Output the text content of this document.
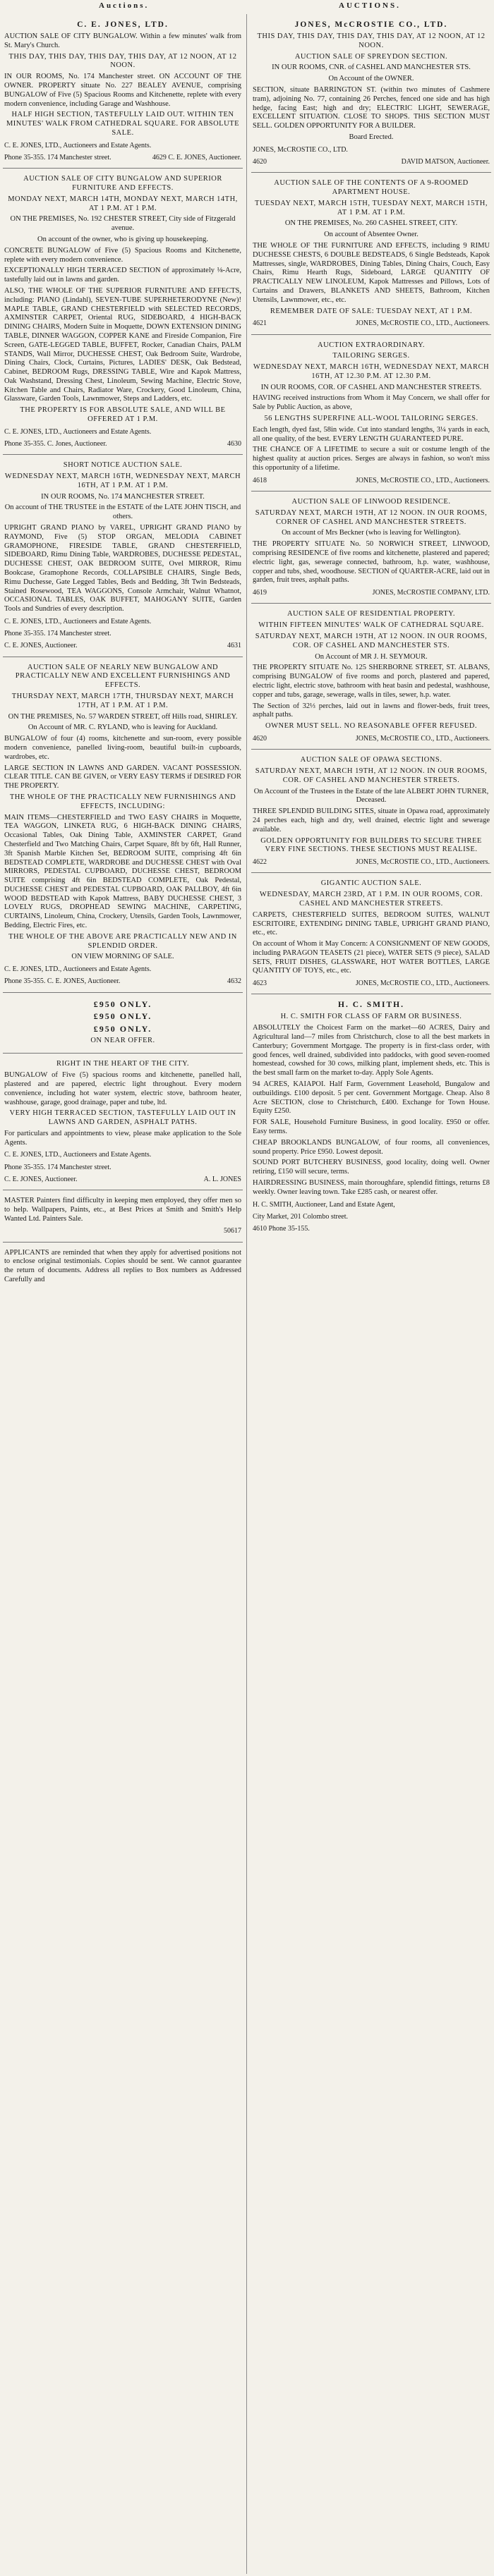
Auctions.	AUCTIONS.
C. E. JONES, LTD.

AUCTION SALE OF CITY BUNGALOW. Within a few minutes' walk from St. Mary's Church.

THIS DAY, THIS DAY, THIS DAY, THIS DAY, AT 12 NOON, AT 12 NOON.

IN OUR ROOMS, No. 174 Manchester street. ON ACCOUNT OF THE OWNER. PROPERTY situate No. 227 BEALEY AVENUE, comprising BUNGALOW of Five (5) Spacious Rooms and Kitchenette, replete with every modern convenience, including Garage and Washhouse.

HALF HIGH SECTION, TASTEFULLY LAID OUT. WITHIN TEN MINUTES' WALK FROM CATHEDRAL SQUARE. FOR ABSOLUTE SALE.

C. E. JONES, LTD., Auctioneers and Estate Agents.
Phone 35-355. 174 Manchester street.	4629 C. E. JONES, Auctioneer.

AUCTION SALE OF CITY BUNGALOW AND SUPERIOR FURNITURE AND EFFECTS.

MONDAY NEXT, MARCH 14TH, MONDAY NEXT, MARCH 14TH, AT 1 P.M. AT 1 P.M.

ON THE PREMISES, No. 192 CHESTER STREET, City side of Fitzgerald avenue.

On account of the owner, who is giving up housekeeping.

CONCRETE BUNGALOW of Five (5) Spacious Rooms and Kitchenette, replete with every modern convenience.

EXCEPTIONALLY HIGH TERRACED SECTION of approximately ⅛-Acre, tastefully laid out in lawns and garden.

ALSO, THE WHOLE OF THE SUPERIOR FURNITURE AND EFFECTS, including: PIANO (Lindahl), SEVEN-TUBE SUPERHETERODYNE (New)! MAPLE TABLE, GRAND CHESTERFIELD with SELECTED RECORDS, AXMINSTER CARPET, Oriental RUG, SIDEBOARD, 4 HIGH-BACK DINING CHAIRS, Modern Suite in Moquette, DOWN EXTENSION DINING TABLE, DINNER WAGGON, COPPER KANE and Fireside Companion, Fire Screen, GATE-LEGGED TABLE, BUFFET, Rocker, Canadian Chairs, PALM STANDS, Wall Mirror, DUCHESSE CHEST, Oak Bedroom Suite, Wardrobe, Dining Chairs, Clock, Curtains, Pictures, LADIES' DESK, Oak Bedstead, Cabinet, BEDROOM Rugs, DRESSING TABLE, Wire and Kapok Mattress, Oak Washstand, Dressing Chest, Linoleum, Sewing Machine, Electric Stove, Kitchen Table and Chairs, Radiator Ware, Crockery, Good Linoleum, China, Glassware, Garden Tools, Lawnmower, Steps and Ladders, etc.

THE PROPERTY IS FOR ABSOLUTE SALE, AND WILL BE OFFERED AT 1 P.M.

C. E. JONES, LTD., Auctioneers and Estate Agents.
Phone 35-355. C. Jones, Auctioneer.	4630

SHORT NOTICE AUCTION SALE.

WEDNESDAY NEXT, MARCH 16TH, WEDNESDAY NEXT, MARCH 16TH, AT 1 P.M. AT 1 P.M.

IN OUR ROOMS, No. 174 MANCHESTER STREET.

On account of THE TRUSTEE in the ESTATE of the LATE JOHN TISCH, and others.

UPRIGHT GRAND PIANO by VAREL, UPRIGHT GRAND PIANO by RAYMOND, Five (5) STOP ORGAN, MELODIA CABINET GRAMOPHONE, FIRESIDE TABLE, GRAND CHESTERFIELD, SIDEBOARD, Rimu Dining Table, WARDROBES, DUCHESSE PEDESTAL, DUCHESSE CHEST, OAK BEDROOM SUITE, Ovel MIRROR, Rimu Bookcase, Gramophone Records, COLLAPSIBLE CHAIRS, Single Beds, Rimu Duchesse, Gate Legged Tables, Beds and Bedding, 3ft Twin Bedsteads, Stained Rosewood, TEA WAGGONS, Console Armchair, Walnut Whatnot, OCCASIONAL TABLES, OAK BUFFET, MAHOGANY SUITE, Garden Tools and Sundries of every description.

C. E. JONES, LTD., Auctioneers and Estate Agents.
Phone 35-355. 174 Manchester street.
C. E. JONES, Auctioneer.	4631

AUCTION SALE OF NEARLY NEW BUNGALOW AND PRACTICALLY NEW AND EXCELLENT FURNISHINGS AND EFFECTS.

THURSDAY NEXT, MARCH 17TH, THURSDAY NEXT, MARCH 17TH, AT 1 P.M. AT 1 P.M.

ON THE PREMISES, No. 57 WARDEN STREET, off Hills road, SHIRLEY.

On Account of MR. C. RYLAND, who is leaving for Auckland.

BUNGALOW of four (4) rooms, kitchenette and sun-room, every possible modern convenience, panelled living-room, beautiful built-in cupboards, wardrobes, etc.

LARGE SECTION IN LAWNS AND GARDEN. VACANT POSSESSION. CLEAR TITLE. CAN BE GIVEN, or VERY EASY TERMS if DESIRED FOR THE PROPERTY.

THE WHOLE OF THE PRACTICALLY NEW FURNISHINGS AND EFFECTS, INCLUDING:

MAIN ITEMS—CHESTERFIELD and TWO EASY CHAIRS in Moquette, TEA WAGGON, LINKETA RUG, 6 HIGH-BACK DINING CHAIRS, Occasional Tables, Oak Dining Table, AXMINSTER CARPET, Grand Chesterfield and Two Matching Chairs, Carpet Square, 8ft by 6ft, Hall Runner, 3ft Spanish Marble Kitchen Set, BEDROOM SUITE, comprising 4ft 6in BEDSTEAD COMPLETE, WARDROBE and DUCHESSE CHEST with Oval MIRRORS, PEDESTAL CUPBOARD, DUCHESSE CHEST, BEDROOM SUITE comprising 4ft 6in BEDSTEAD COMPLETE, Oak Pedestal, DUCHESSE CHEST and PEDESTAL CUPBOARD, OAK PALLBOY, 4ft 6in WOOD BEDSTEAD with Kapok Mattress, BABY DUCHESSE CHEST, 3 LOVELY RUGS, DROPHEAD SEWING MACHINE, CARPETING, CURTAINS, Linoleum, China, Crockery, Utensils, Garden Tools, Lawnmower, Bedding, Electric Fires, etc.

THE WHOLE OF THE ABOVE ARE PRACTICALLY NEW AND IN SPLENDID ORDER.

ON VIEW MORNING OF SALE.

C. E. JONES, LTD., Auctioneers and Estate Agents.
Phone 35-355. C. E. JONES, Auctioneer.	4632

£950 ONLY.

£950 ONLY.

£950 ONLY.

ON NEAR OFFER.

RIGHT IN THE HEART OF THE CITY.

BUNGALOW of Five (5) spacious rooms and kitchenette, panelled hall, plastered and are papered, electric light throughout. Every modern convenience, including hot water system, electric stove, bathroom heater, washhouse, garage, good drainage, paper and tube, ltd.

VERY HIGH TERRACED SECTION, TASTEFULLY LAID OUT IN LAWNS AND GARDEN, ASPHALT PATHS.

For particulars and appointments to view, please make application to the Sole Agents.

C. E. JONES, LTD., Auctioneers and Estate Agents.
Phone 35-355. 174 Manchester street.
C. E. JONES, Auctioneer.	A. L. JONES

MASTER Painters find difficulty in keeping men employed, they offer men so to help. Wallpapers, Paints, etc., at Best Prices at Smith and Smith's Help Wanted Ltd. Painters Sale.

50617

APPLICANTS are reminded that when they apply for advertised positions not to enclose original testimonials. Copies should be sent. We cannot guarantee the return of documents. Address all replies to Box numbers as Addressed Carefully and

JONES, McCROSTIE CO., LTD.

THIS DAY, THIS DAY, THIS DAY, THIS DAY, AT 12 NOON, AT 12 NOON.

AUCTION SALE OF SPREYDON SECTION.

IN OUR ROOMS, CNR. of CASHEL AND MANCHESTER STS.

On Account of the OWNER.

SECTION, situate BARRINGTON ST. (within two minutes of Cashmere tram), adjoining No. 77, containing 26 Perches, fenced one side and has high hedge, facing East; high and dry; ELECTRIC LIGHT, SEWERAGE, EXCELLENT SITUATION. CLOSE TO SHOPS. THIS SECTION MUST SELL. GOLDEN OPPORTUNITY FOR A BUILDER.

Board Erected.

JONES, McCROSTIE CO., LTD.
4620	DAVID MATSON, Auctioneer.

AUCTION SALE OF THE CONTENTS OF A 9-ROOMED APARTMENT HOUSE.

TUESDAY NEXT, MARCH 15TH, TUESDAY NEXT, MARCH 15TH, AT 1 P.M. AT 1 P.M.

ON THE PREMISES, No. 260 CASHEL STREET, CITY.

On account of Absentee Owner.

THE WHOLE OF THE FURNITURE AND EFFECTS, including 9 RIMU DUCHESSE CHESTS, 6 DOUBLE BEDSTEADS, 6 Single Bedsteads, Kapok Mattresses, single, WARDROBES, Dining Tables, Dining Chairs, Couch, Easy Chairs, Rimu Hearth Rugs, Sideboard, LARGE QUANTITY OF PRACTICALLY NEW LINOLEUM, Kapok Mattresses and Pillows, Lots of Curtains and Drawers, BLANKETS AND SHEETS, Bathroom, Kitchen Utensils, Lawnmower, etc., etc.

REMEMBER DATE OF SALE: TUESDAY NEXT, AT 1 P.M.

4621	JONES, McCROSTIE CO., LTD., Auctioneers.

AUCTION EXTRAORDINARY.

TAILORING SERGES.

WEDNESDAY NEXT, MARCH 16TH, WEDNESDAY NEXT, MARCH 16TH, AT 12.30 P.M. AT 12.30 P.M.

IN OUR ROOMS, COR. OF CASHEL AND MANCHESTER STREETS.

HAVING received instructions from Whom it May Concern, we shall offer for Sale by Public Auction, as above,

56 LENGTHS SUPERFINE ALL-WOOL TAILORING SERGES.

Each length, dyed fast, 58in wide. Cut into standard lengths, 3¼ yards in each, all one quality, of the best. EVERY LENGTH GUARANTEED PURE.

THE CHANCE OF A LIFETIME to secure a suit or costume length of the highest quality at auction prices. Serges are always in fashion, so won't miss this opportunity of a lifetime.

4618	JONES, McCROSTIE CO., LTD., Auctioneers.

AUCTION SALE OF LINWOOD RESIDENCE.

SATURDAY NEXT, MARCH 19TH, AT 12 NOON. IN OUR ROOMS, CORNER OF CASHEL AND MANCHESTER STREETS.

On account of Mrs Beckner (who is leaving for Wellington).

THE PROPERTY SITUATE No. 50 NORWICH STREET, LINWOOD, comprising RESIDENCE of five rooms and kitchenette, plastered and papered; electric light, gas, sewerage connected, bathroom, h.p. water, washhouse, copper and tubs, shed, woodhouse. SECTION of QUARTER-ACRE, laid out in garden, fruit trees, asphalt paths.

4619	JONES, McCROSTIE COMPANY, LTD.

AUCTION SALE OF RESIDENTIAL PROPERTY.

WITHIN FIFTEEN MINUTES' WALK OF CATHEDRAL SQUARE.

SATURDAY NEXT, MARCH 19TH, AT 12 NOON. IN OUR ROOMS, COR. OF CASHEL AND MANCHESTER STS.

On Account of MR J. H. SEYMOUR.

THE PROPERTY SITUATE No. 125 SHERBORNE STREET, ST. ALBANS, comprising BUNGALOW of five rooms and porch, plastered and papered, electric light, electric stove, bathroom with heat basin and pedestal, washhouse, copper and tubs, garage, sewerage, walls in tiles, sewer, h.p. water.

The Section of 32⅓ perches, laid out in lawns and flower-beds, fruit trees, asphalt paths.

OWNER MUST SELL. NO REASONABLE OFFER REFUSED.

4620	JONES, McCROSTIE CO., LTD., Auctioneers.

AUCTION SALE OF OPAWA SECTIONS.

SATURDAY NEXT, MARCH 19TH, AT 12 NOON. IN OUR ROOMS, COR. OF CASHEL AND MANCHESTER STREETS.

On Account of the Trustees in the Estate of the late ALBERT JOHN TURNER, Deceased.

THREE SPLENDID BUILDING SITES, situate in Opawa road, approximately 24 perches each, high and dry, well drained, electric light and sewerage available.

GOLDEN OPPORTUNITY FOR BUILDERS TO SECURE THREE VERY FINE SECTIONS. THESE SECTIONS MUST REALISE.

4622	JONES, McCROSTIE CO., LTD., Auctioneers.

GIGANTIC AUCTION SALE.

WEDNESDAY, MARCH 23RD, AT 1 P.M. IN OUR ROOMS, COR. CASHEL AND MANCHESTER STREETS.

CARPETS, CHESTERFIELD SUITES, BEDROOM SUITES, WALNUT ESCRITOIRE, EXTENDING DINING TABLE, UPRIGHT GRAND PIANO, etc., etc.

On account of Whom it May Concern: A CONSIGNMENT OF NEW GOODS, including PARAGON TEASETS (21 piece), WATER SETS (9 piece), SALAD SETS, FRUIT DISHES, GLASSWARE, HOT WATER BOTTLES, LARGE QUANTITY OF TOYS, etc., etc.

4623	JONES, McCROSTIE CO., LTD., Auctioneers.
H. C. SMITH.

H. C. SMITH FOR CLASS OF FARM OR BUSINESS.

ABSOLUTELY the Choicest Farm on the market—60 ACRES, Dairy and Agricultural land—7 miles from Christchurch, close to all the best markets in Canterbury; Government Mortgage. The property is in first-class order, with good fences, well drained, subdivided into paddocks, with good seven-roomed homestead, cowshed for 30 cows, milking plant, implement sheds, etc. This is the best small farm on the market to-day. Apply Sole Agents.

94 ACRES, KAIAPOI. Half Farm, Government Leasehold, Bungalow and outbuildings. £100 deposit. 5 per cent. Government Mortgage. Cheap. Also 8 Acre SECTION, close to Christchurch, £400. Exchange for Town House. Equity £250.

FOR SALE, Household Furniture Business, in good locality. £950 or offer. Easy terms.

CHEAP BROOKLANDS BUNGALOW, of four rooms, all conveniences, sound property. Price £950. Lowest deposit.

SOUND PORT BUTCHERY BUSINESS, good locality, doing well. Owner retiring, £150 will secure, terms.

HAIRDRESSING BUSINESS, main thoroughfare, splendid fittings, returns £8 weekly. Owner leaving town. Take £285 cash, or nearest offer.

H. C. SMITH, Auctioneer, Land and Estate Agent,
City Market, 201 Colombo street.
4610 Phone 35-155.
